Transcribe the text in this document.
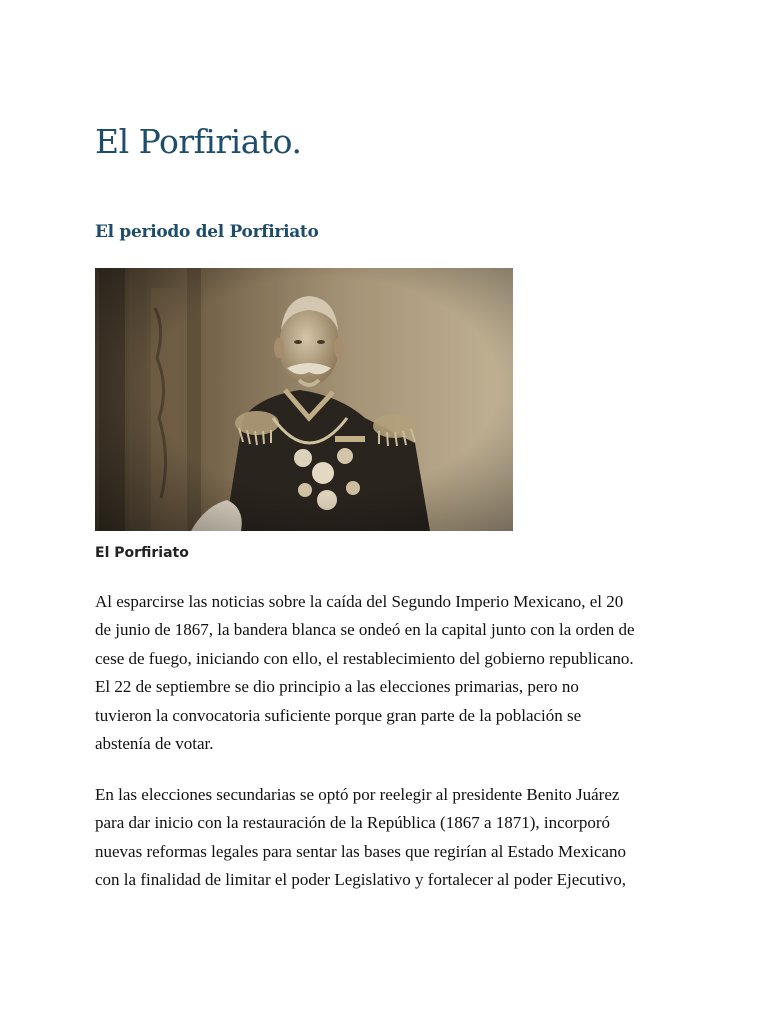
El Porfiriato.
El periodo del Porfiriato

El Porfiriato

Al esparcirse las noticias sobre la caída del Segundo Imperio Mexicano, el 20
de junio de 1867, la bandera blanca se ondeó en la capital junto con la orden de
cese de fuego, iniciando con ello, el restablecimiento del gobierno republicano.
El 22 de septiembre se dio principio a las elecciones primarias, pero no
tuvieron la convocatoria suficiente porque gran parte de la población se
abstenía de votar.

En las elecciones secundarias se optó por reelegir al presidente Benito Juárez
para dar inicio con la restauración de la República (1867 a 1871), incorporó
nuevas reformas legales para sentar las bases que regirían al Estado Mexicano
con la finalidad de limitar el poder Legislativo y fortalecer al poder Ejecutivo,
